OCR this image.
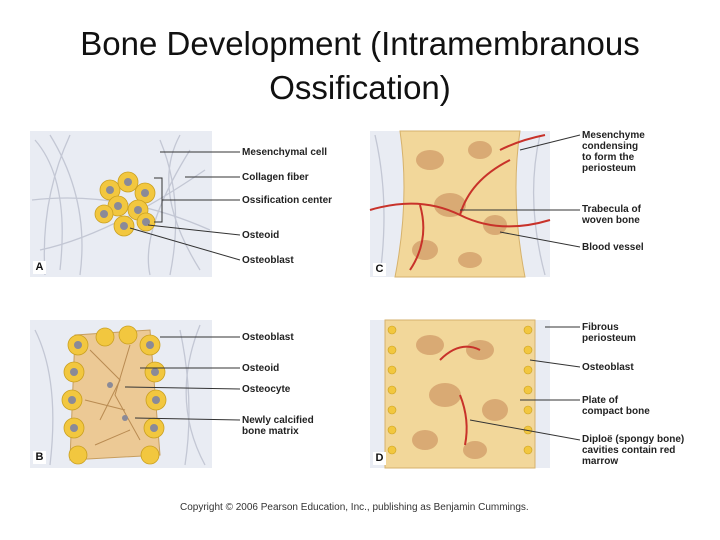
Bone Development (Intramembranous Ossification)
A
B
C
D
Mesenchymal cell
Collagen fiber
Ossification center
Osteoid
Osteoblast
Osteoblast
Osteoid
Osteocyte
Newly calcified
bone matrix
Mesenchyme
condensing
to form the
periosteum
Trabecula of
woven bone
Blood vessel
Fibrous
periosteum
Osteoblast
Plate of
compact bone
Diploë (spongy bone)
cavities contain red
marrow
Copyright © 2006 Pearson Education, Inc., publishing as Benjamin Cummings.
